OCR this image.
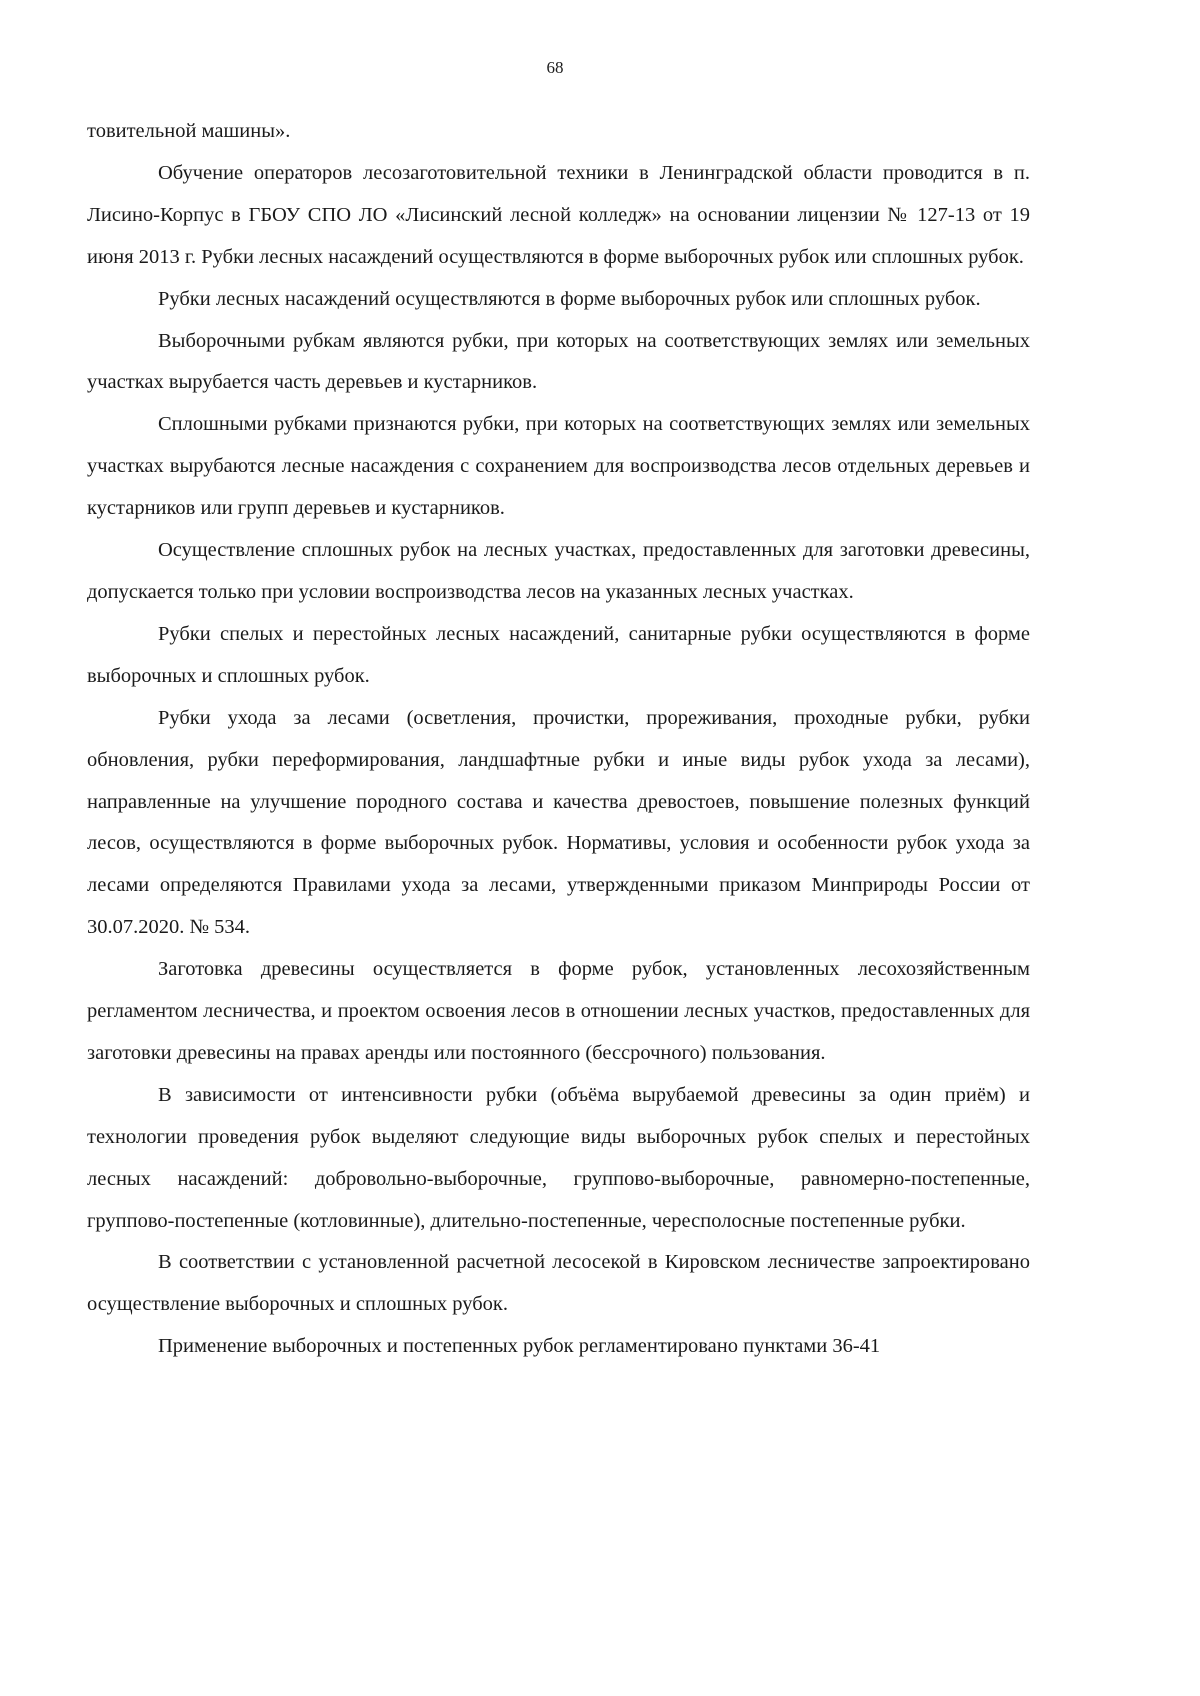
68

товительной машины».

Обучение операторов лесозаготовительной техники в Ленинградской области проводится в п. Лисино-Корпус в ГБОУ СПО ЛО «Лисинский лесной колледж» на основании лицензии № 127-13 от 19 июня 2013 г. Рубки лесных насаждений осуществляются в форме выборочных рубок или сплошных рубок.

Рубки лесных насаждений осуществляются в форме выборочных рубок или сплошных рубок.

Выборочными рубкам являются рубки, при которых на соответствующих землях или земельных участках вырубается часть деревьев и кустарников.

Сплошными рубками признаются рубки, при которых на соответствующих землях или земельных участках вырубаются лесные насаждения с сохранением для воспроизводства лесов отдельных деревьев и кустарников или групп деревьев и кустарников.

Осуществление сплошных рубок на лесных участках, предоставленных для заготовки древесины, допускается только при условии воспроизводства лесов на указанных лесных участках.

Рубки спелых и перестойных лесных насаждений, санитарные рубки осуществляются в форме выборочных и сплошных рубок.

Рубки ухода за лесами (осветления, прочистки, прореживания, проходные рубки, рубки обновления, рубки переформирования, ландшафтные рубки и иные виды рубок ухода за лесами), направленные на улучшение породного состава и качества древостоев, повышение полезных функций лесов, осуществляются в форме выборочных рубок. Нормативы, условия и особенности рубок ухода за лесами определяются Правилами ухода за лесами, утвержденными приказом Минприроды России от 30.07.2020. № 534.

Заготовка древесины осуществляется в форме рубок, установленных лесохозяйственным регламентом лесничества, и проектом освоения лесов в отношении лесных участков, предоставленных для заготовки древесины на правах аренды или постоянного (бессрочного) пользования.

В зависимости от интенсивности рубки (объёма вырубаемой древесины за один приём) и технологии проведения рубок выделяют следующие виды выборочных рубок спелых и перестойных лесных насаждений: добровольно-выборочные, группово-выборочные, равномерно-постепенные, группово-постепенные (котловинные), длительно-постепенные, чересполосные постепенные рубки.

В соответствии с установленной расчетной лесосекой в Кировском лесничестве запроектировано осуществление выборочных и сплошных рубок.

Применение выборочных и постепенных рубок регламентировано пунктами 36-41
